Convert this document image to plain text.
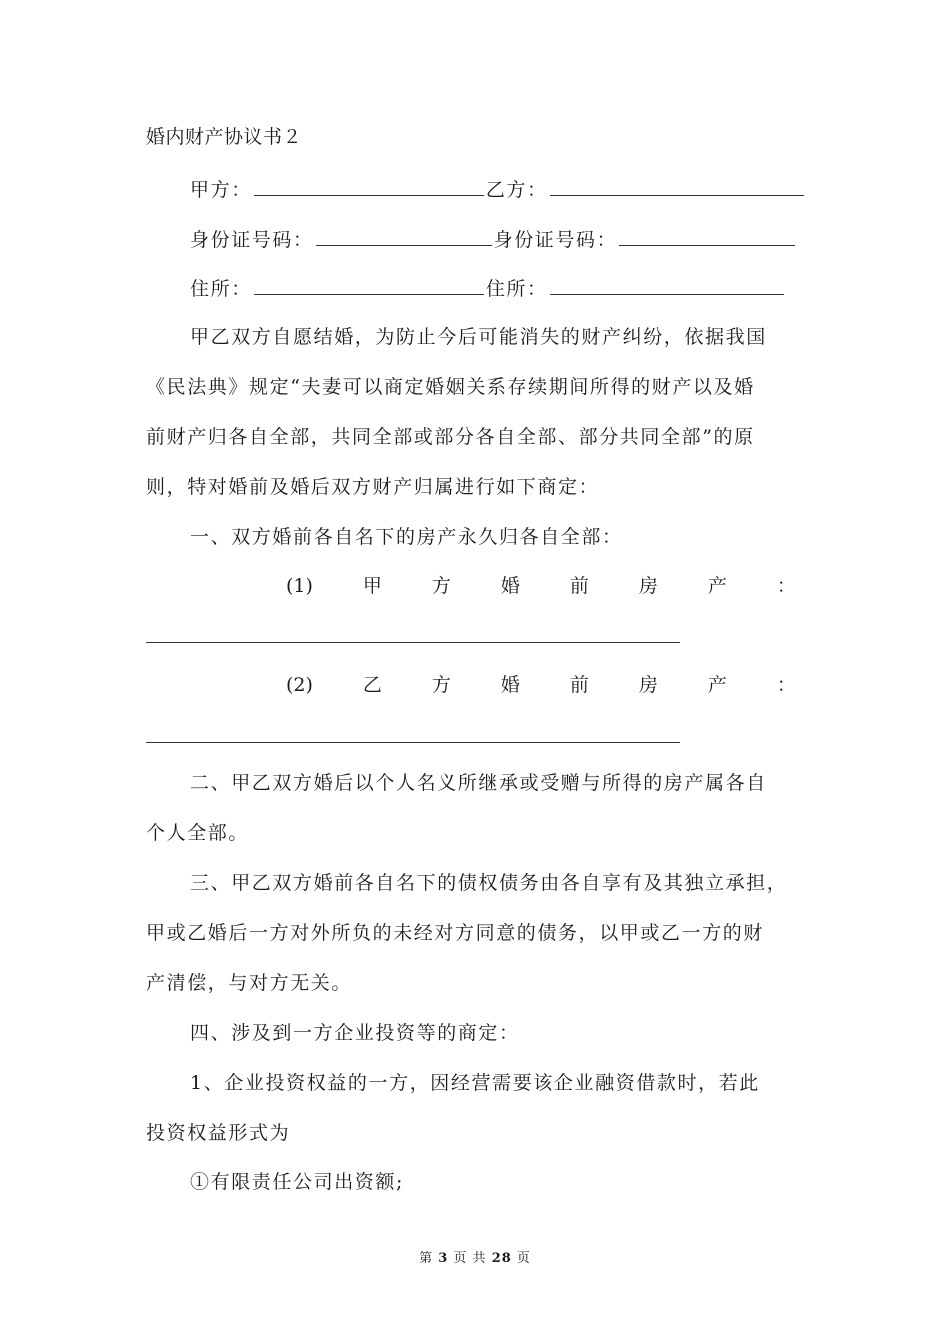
婚内财产协议书２
甲方：	乙方：
身份证号码：	身份证号码：
住所：	住所：
甲乙双方自愿结婚，为防止今后可能消失的财产纠纷，依据我国
《民法典》规定“夫妻可以商定婚姻关系存续期间所得的财产以及婚
前财产归各自全部，共同全部或部分各自全部、部分共同全部”的原
则，特对婚前及婚后双方财产归属进行如下商定：
一、双方婚前各自名下的房产永久归各自全部：
(1)	甲	方	婚	前	房	产	：
(2)	乙	方	婚	前	房	产	：
二、甲乙双方婚后以个人名义所继承或受赠与所得的房产属各自
个人全部。
三、甲乙双方婚前各自名下的债权债务由各自享有及其独立承担，
甲或乙婚后一方对外所负的未经对方同意的债务，以甲或乙一方的财
产清偿，与对方无关。
四、涉及到一方企业投资等的商定：
1、企业投资权益的一方，因经营需要该企业融资借款时，若此
投资权益形式为
①有限责任公司出资额;
第 3 页 共 28 页
